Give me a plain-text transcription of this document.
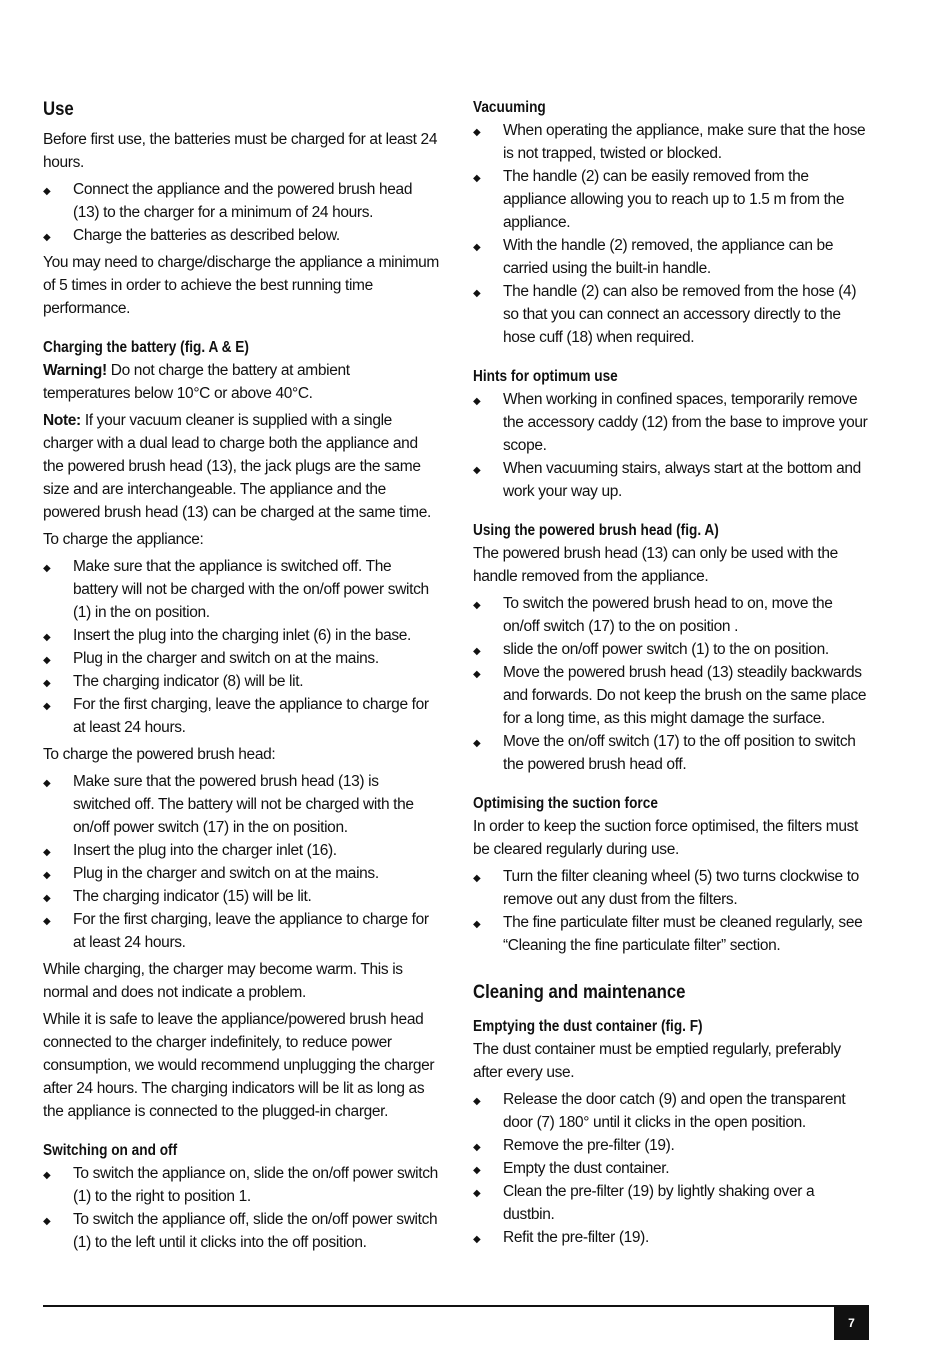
Use

Before first use, the batteries must be charged for at least 24 hours.

◆ Connect the appliance and the powered brush head (13) to the charger for a minimum of 24 hours.
◆ Charge the batteries as described below.

You may need to charge/discharge the appliance a minimum of 5 times in order to achieve the best running time performance.

Charging the battery (fig. A & E)

Warning! Do not charge the battery at ambient temperatures below 10°C or above 40°C.

Note: If your vacuum cleaner is supplied with a single charger with a dual lead to charge both the appliance and the powered brush head (13), the jack plugs are the same size and are interchangeable. The appliance and the powered brush head (13) can be charged at the same time.

To charge the appliance:

◆ Make sure that the appliance is switched off. The battery will not be charged with the on/off power switch (1) in the on position.
◆ Insert the plug into the charging inlet (6) in the base.
◆ Plug in the charger and switch on at the mains.
◆ The charging indicator (8) will be lit.
◆ For the first charging, leave the appliance to charge for at least 24 hours.

To charge the powered brush head:

◆ Make sure that the powered brush head (13) is switched off. The battery will not be charged with the on/off power switch (17) in the on position.
◆ Insert the plug into the charger inlet (16).
◆ Plug in the charger and switch on at the mains.
◆ The charging indicator (15) will be lit.
◆ For the first charging, leave the appliance to charge for at least 24 hours.

While charging, the charger may become warm. This is normal and does not indicate a problem.

While it is safe to leave the appliance/powered brush head connected to the charger indefinitely, to reduce power consumption, we would recommend unplugging the charger after 24 hours. The charging indicators will be lit as long as the appliance is connected to the plugged-in charger.

Switching on and off
◆ To switch the appliance on, slide the on/off power switch (1) to the right to position 1.
◆ To switch the appliance off, slide the on/off power switch (1) to the left until it clicks into the off position.
Vacuuming
◆ When operating the appliance, make sure that the hose is not trapped, twisted or blocked.
◆ The handle (2) can be easily removed from the appliance allowing you to reach up to 1.5 m from the appliance.
◆ With the handle (2) removed, the appliance can be carried using the built-in handle.
◆ The handle (2) can also be removed from the hose (4) so that you can connect an accessory directly to the hose cuff (18) when required.
Hints for optimum use
◆ When working in confined spaces, temporarily remove the accessory caddy (12) from the base to improve your scope.
◆ When vacuuming stairs, always start at the bottom and work your way up.
Using the powered brush head (fig. A)

The powered brush head (13) can only be used with the handle removed from the appliance.

◆ To switch the powered brush head to on, move the on/off switch (17) to the on position .
◆ slide the on/off power switch (1) to the on position.
◆ Move the powered brush head (13) steadily backwards and forwards. Do not keep the brush on the same place for a long time, as this might damage the surface.
◆ Move the on/off switch (17) to the off position to switch the powered brush head off.
Optimising the suction force

In order to keep the suction force optimised, the filters must be cleared regularly during use.

◆ Turn the filter cleaning wheel (5) two turns clockwise to remove out any dust from the filters.
◆ The fine particulate filter must be cleaned regularly, see “Cleaning the fine particulate filter” section.
Cleaning and maintenance
Emptying the dust container (fig. F)

The dust container must be emptied regularly, preferably after every use.

◆ Release the door catch (9) and open the transparent door (7) 180° until it clicks in the open position.
◆ Remove the pre-filter (19).
◆ Empty the dust container.
◆ Clean the pre-filter (19) by lightly shaking over a dustbin.
◆ Refit the pre-filter (19).
7
